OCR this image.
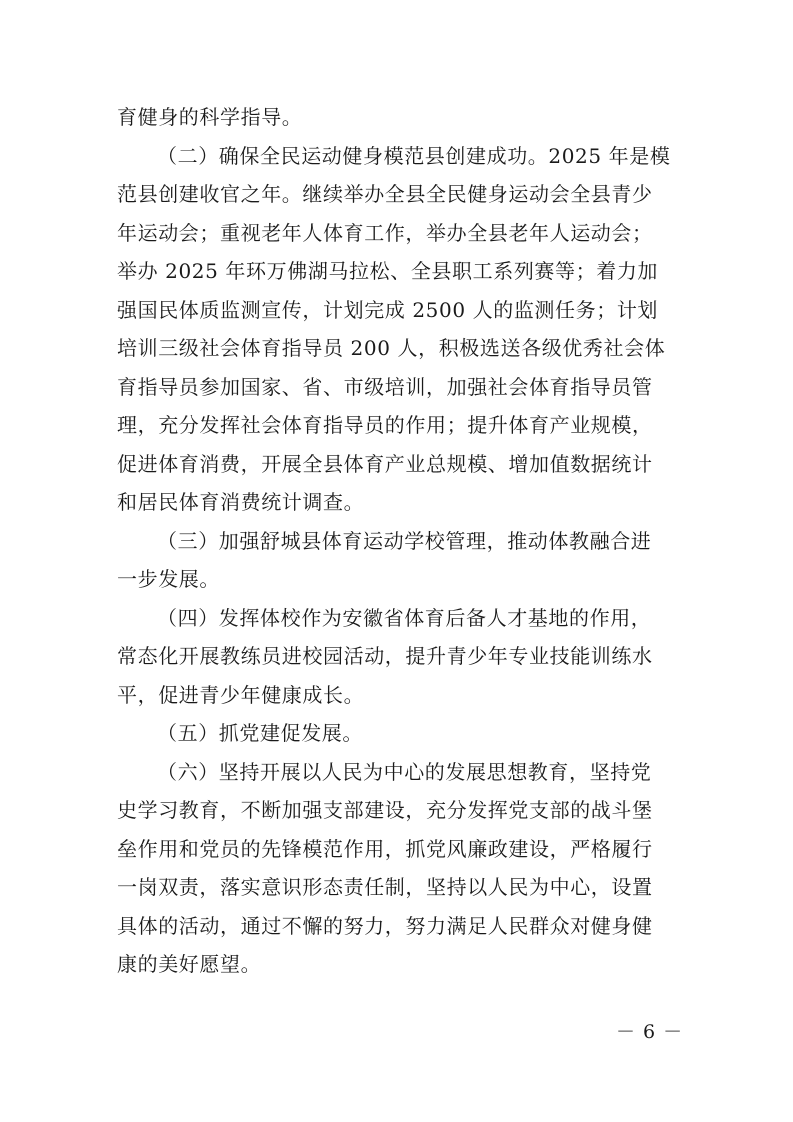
育健身的科学指导。
（二）确保全民运动健身模范县创建成功。2025 年是模
范县创建收官之年。继续举办全县全民健身运动会全县青少
年运动会；重视老年人体育工作，举办全县老年人运动会；
举办 2025 年环万佛湖马拉松、全县职工系列赛等；着力加
强国民体质监测宣传，计划完成 2500 人的监测任务；计划
培训三级社会体育指导员 200 人，积极选送各级优秀社会体
育指导员参加国家、省、市级培训，加强社会体育指导员管
理，充分发挥社会体育指导员的作用；提升体育产业规模，
促进体育消费，开展全县体育产业总规模、增加值数据统计
和居民体育消费统计调查。
（三）加强舒城县体育运动学校管理，推动体教融合进
一步发展。
（四）发挥体校作为安徽省体育后备人才基地的作用，
常态化开展教练员进校园活动，提升青少年专业技能训练水
平，促进青少年健康成长。
（五）抓党建促发展。
（六）坚持开展以人民为中心的发展思想教育，坚持党
史学习教育，不断加强支部建设，充分发挥党支部的战斗堡
垒作用和党员的先锋模范作用，抓党风廉政建设，严格履行
一岗双责，落实意识形态责任制，坚持以人民为中心，设置
具体的活动，通过不懈的努力，努力满足人民群众对健身健
康的美好愿望。
－ 6 －
